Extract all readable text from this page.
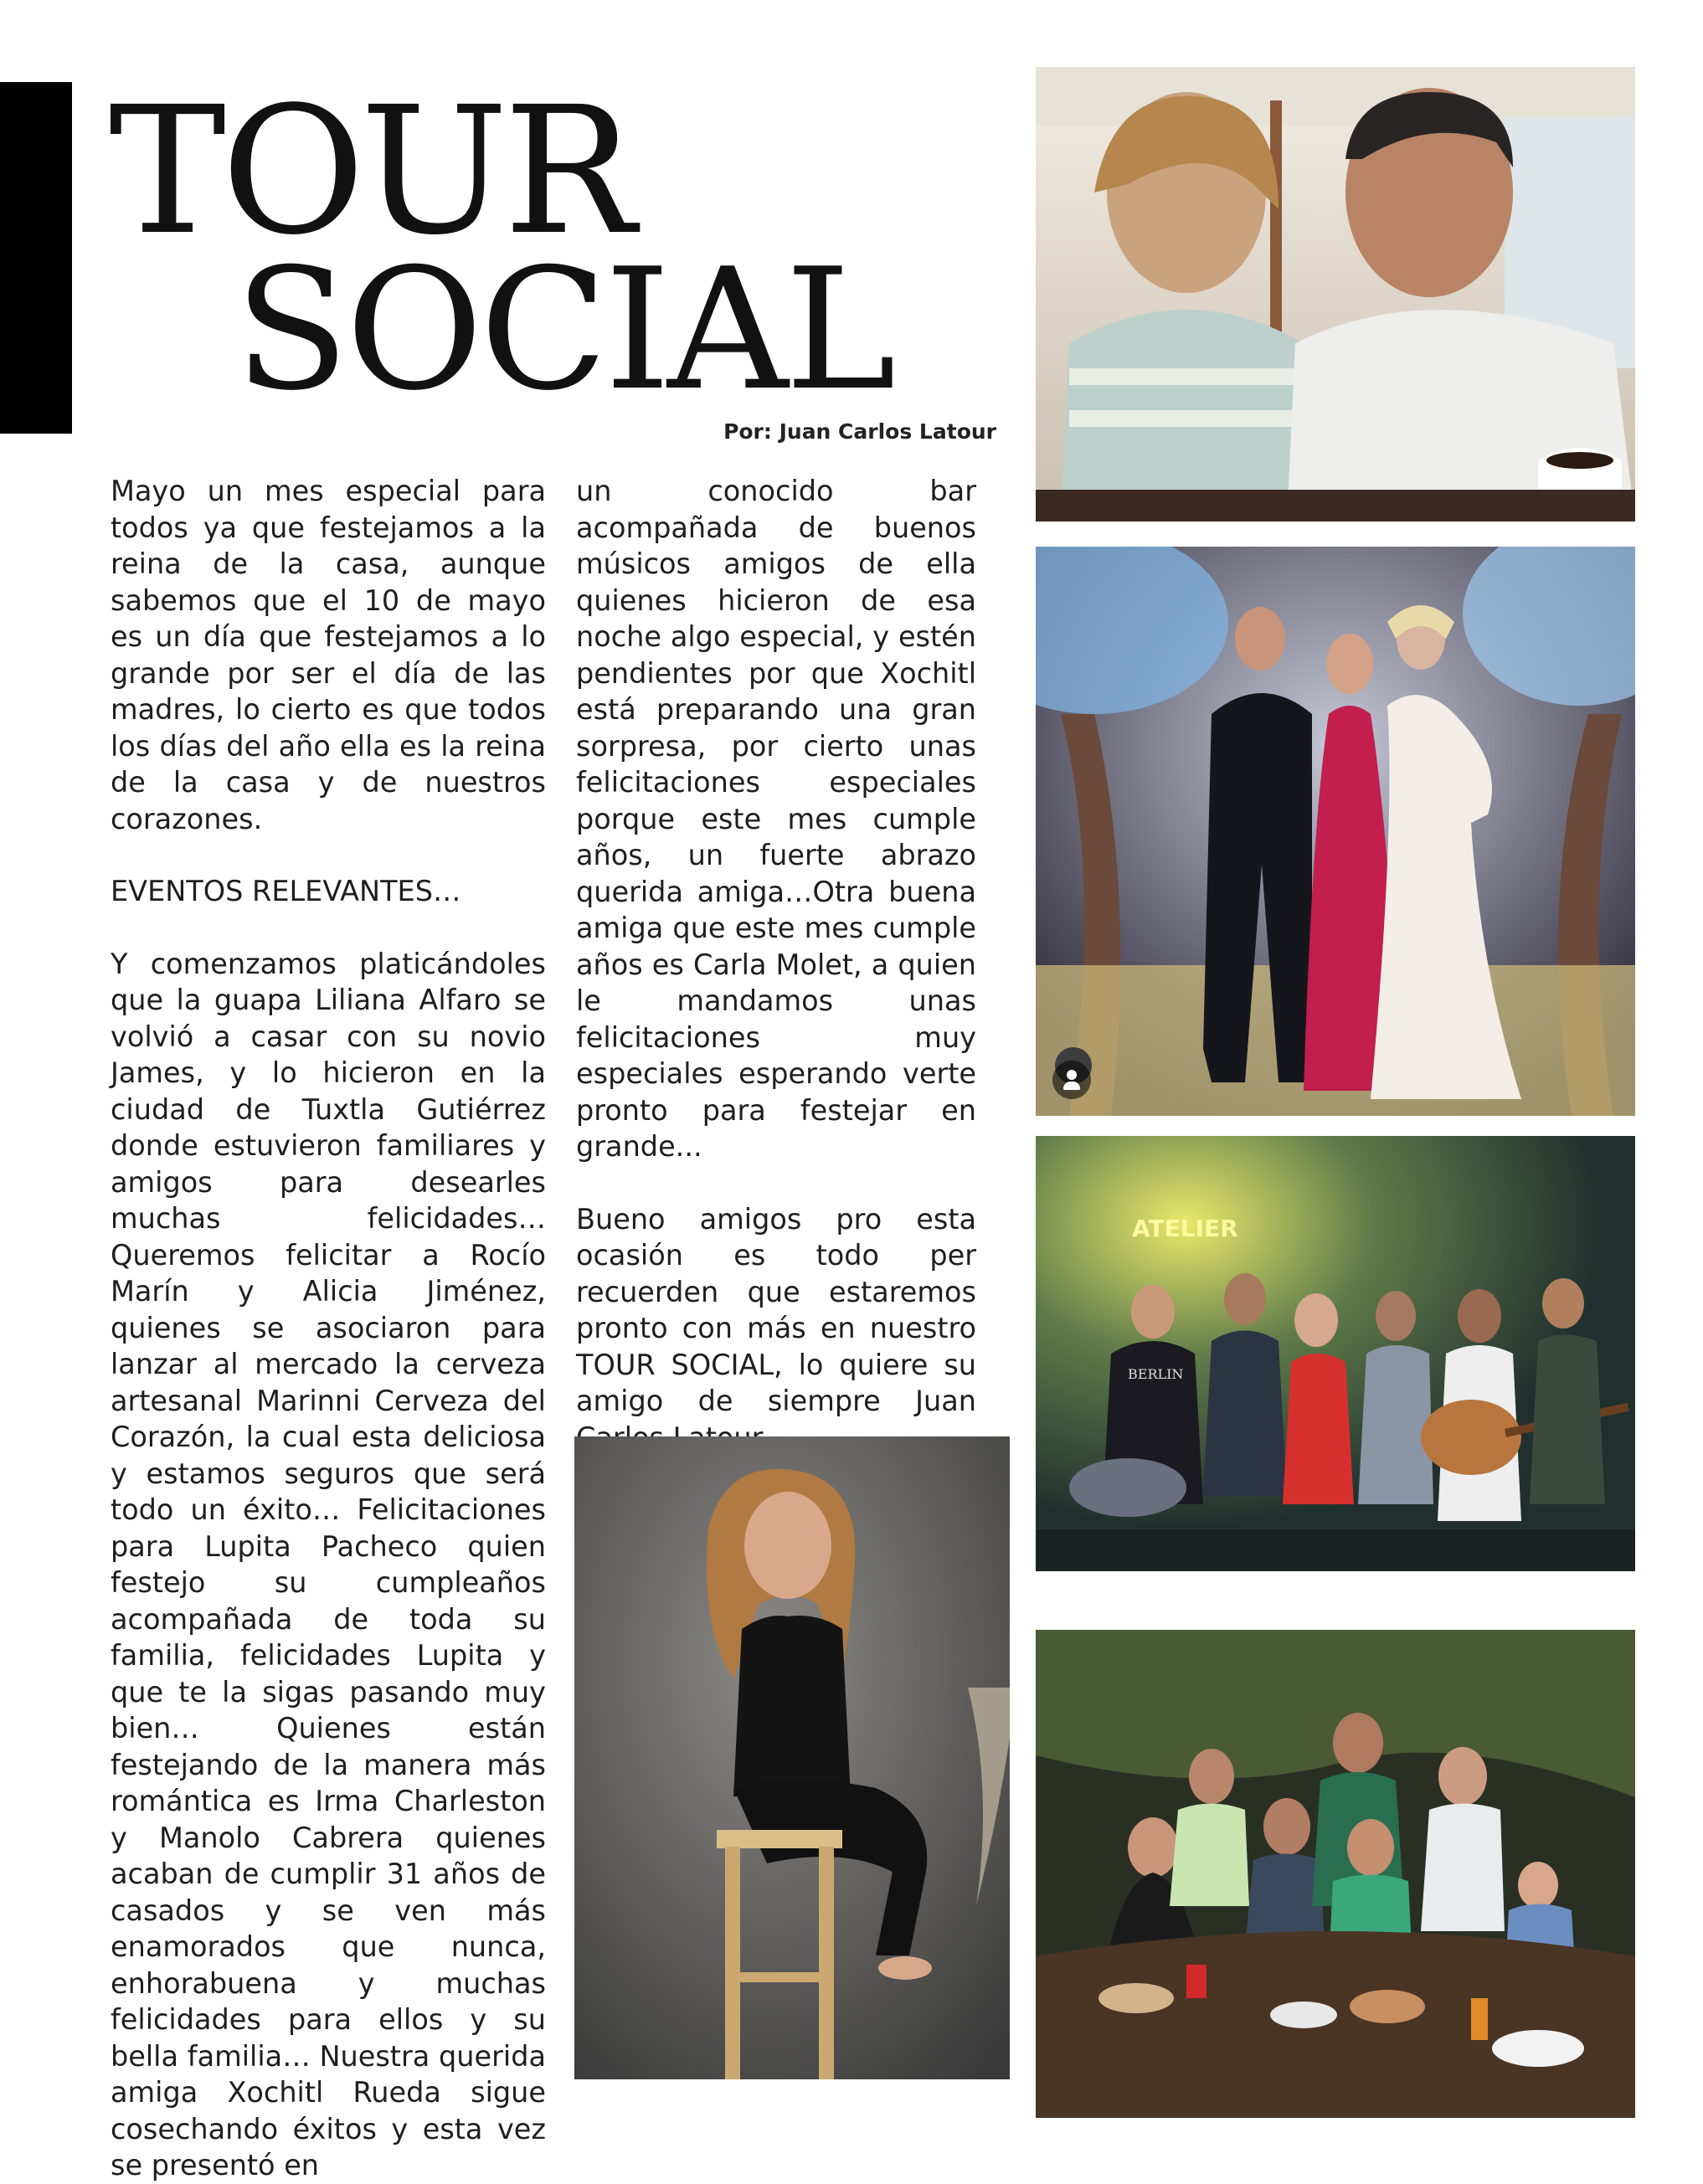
TOUR
SOCIAL
Por: Juan Carlos Latour

Mayo un mes especial para todos ya que festejamos a la reina de la casa, aunque sabemos que el 10 de mayo es un día que festejamos a lo grande por ser el día de las madres, lo cierto es que todos los días del año ella es la reina de la casa y de nuestros corazones.

EVENTOS RELEVANTES…

Y comenzamos platicándoles que la guapa Liliana Alfaro se volvió a casar con su novio James, y lo hicieron en la ciudad de Tuxtla Gutiérrez donde estuvieron familiares y amigos para desearles muchas felicidades…Queremos felicitar a Rocío Marín y Alicia Jiménez, quienes se asociaron para lanzar al mercado la cerveza artesanal Marinni Cerveza del Corazón, la cual esta deliciosa y estamos seguros que será todo un éxito… Felicitaciones para Lupita Pacheco quien festejo su cumpleaños acompañada de toda su familia, felicidades Lupita y que te la sigas pasando muy bien… Quienes están festejando de la manera más romántica es Irma Charleston y Manolo Cabrera quienes acaban de cumplir 31 años de casados y se ven más enamorados que nunca, enhorabuena y muchas felicidades para ellos y su bella familia… Nuestra querida amiga Xochitl Rueda sigue cosechando éxitos y esta vez se presentó en

un conocido bar acompañada de buenos músicos amigos de ella quienes hicieron de esa noche algo especial, y estén pendientes por que Xochitl está preparando una gran sorpresa, por cierto unas felicitaciones especiales porque este mes cumple años, un fuerte abrazo querida amiga…Otra buena amiga que este mes cumple años es Carla Molet, a quien le mandamos unas felicitaciones muy especiales esperando verte pronto para festejar en grande...

Bueno amigos pro esta ocasión es todo per recuerden que estaremos pronto con más en nuestro TOUR SOCIAL, lo quiere su amigo de siempre Juan

ATELIER
BERLIN
